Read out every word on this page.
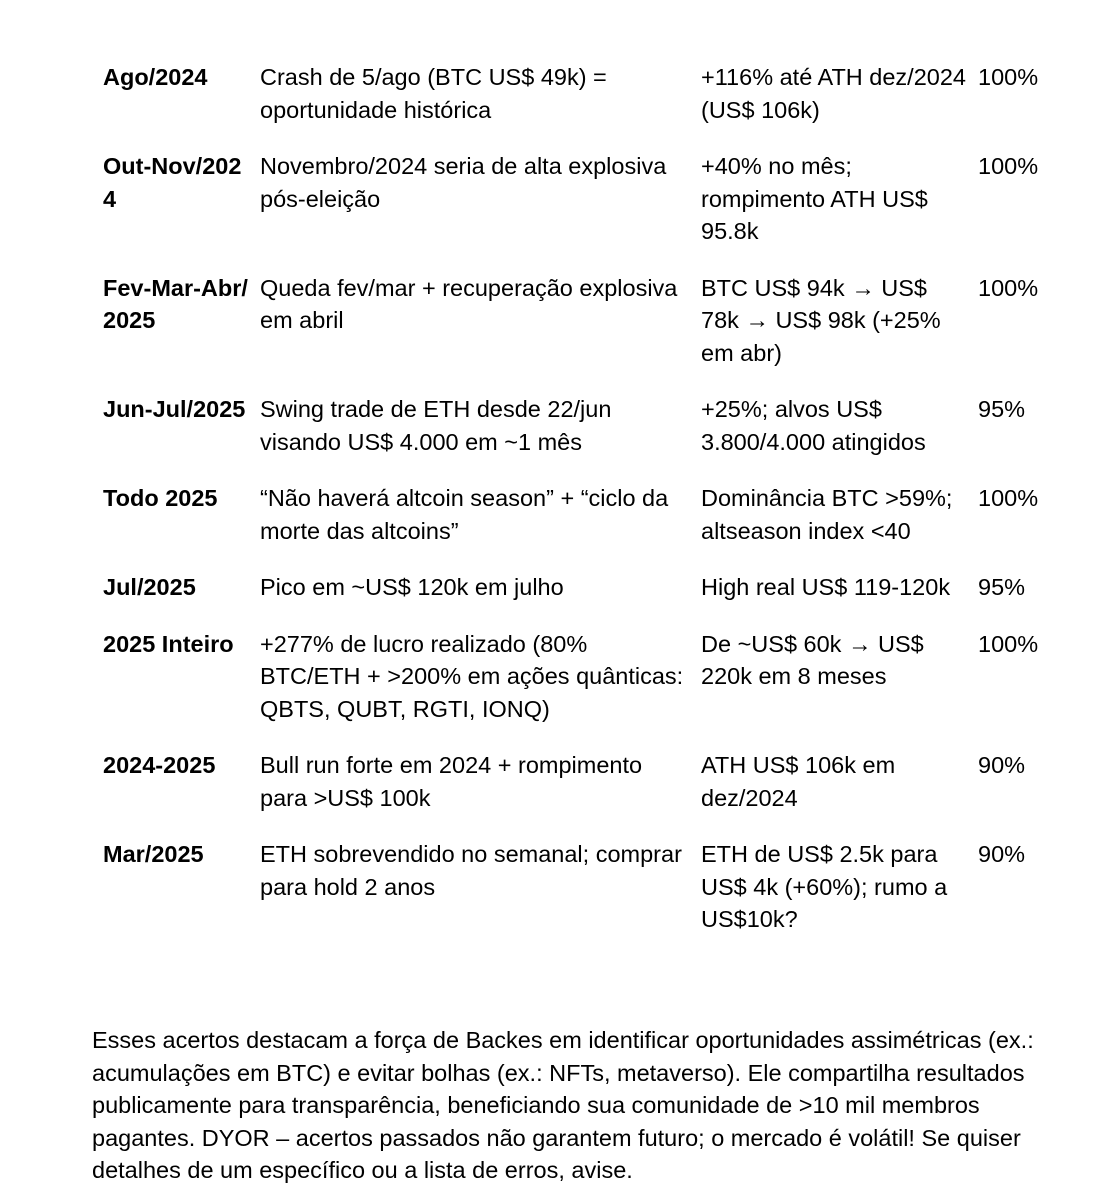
Ago/2024	Crash de 5/ago (BTC US$ 49k) = oportunidade histórica	+116% até ATH dez/2024 (US$ 106k)	100%
Out-Nov/2024	Novembro/2024 seria de alta explosiva pós-eleição	+40% no mês; rompimento ATH US$ 95.8k	100%
Fev-Mar-Abr/2025	Queda fev/mar + recuperação explosiva em abril	BTC US$ 94k → US$ 78k → US$ 98k (+25% em abr)	100%
Jun-Jul/2025	Swing trade de ETH desde 22/jun visando US$ 4.000 em ~1 mês	+25%; alvos US$ 3.800/4.000 atingidos	95%
Todo 2025	“Não haverá altcoin season” + “ciclo da morte das altcoins”	Dominância BTC >59%; altseason index <40	100%
Jul/2025	Pico em ~US$ 120k em julho	High real US$ 119-120k	95%
2025 Inteiro	+277% de lucro realizado (80% BTC/ETH + >200% em ações quânticas: QBTS, QUBT, RGTI, IONQ)	De ~US$ 60k → US$ 220k em 8 meses	100%
2024-2025	Bull run forte em 2024 + rompimento para >US$ 100k	ATH US$ 106k em dez/2024	90%
Mar/2025	ETH sobrevendido no semanal; comprar para hold 2 anos	ETH de US$ 2.5k para US$ 4k (+60%); rumo a US$10k?	90%

Esses acertos destacam a força de Backes em identificar oportunidades assimétricas (ex.: acumulações em BTC) e evitar bolhas (ex.: NFTs, metaverso). Ele compartilha resultados publicamente para transparência, beneficiando sua comunidade de >10 mil membros pagantes. DYOR – acertos passados não garantem futuro; o mercado é volátil! Se quiser detalhes de um específico ou a lista de erros, avise.
